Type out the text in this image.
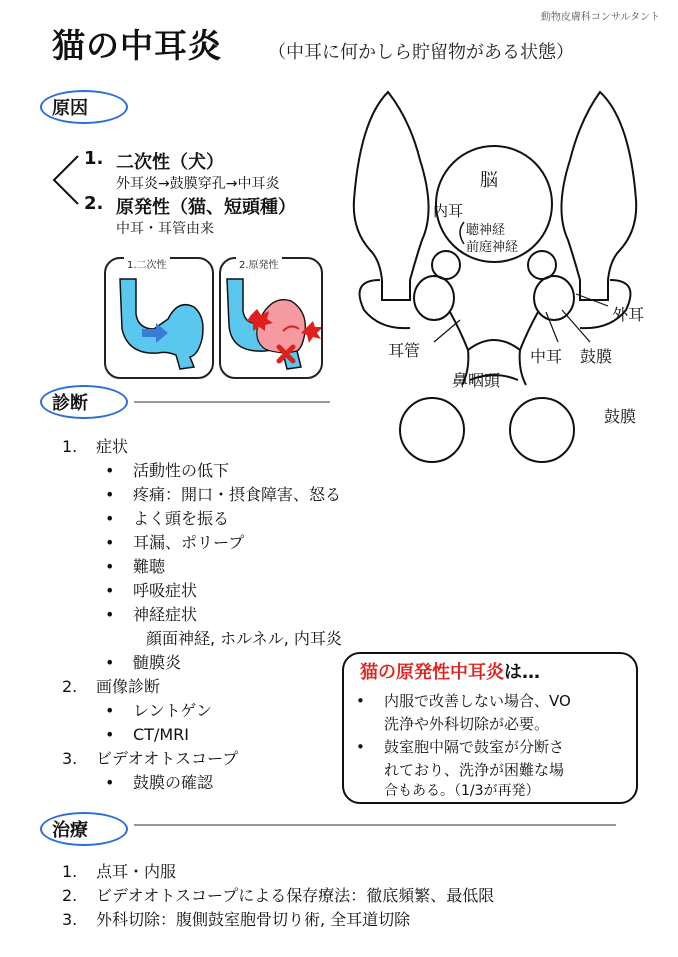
動物皮膚科コンサルタント
猫の中耳炎	（中耳に何かしら貯留物がある状態）
原因
1. 二次性（犬）
外耳炎→鼓膜穿孔→中耳炎
2. 原発性（猫、短頭種）
中耳・耳管由来
1.二次性	2.原発性
脳
内耳
聴神経
前庭神経
外耳
耳管	中耳 鼓膜
鼻咽頭
鼓膜
診断
1. 症状
• 活動性の低下
• 疼痛：開口・摂食障害、怒る
• よく頭を振る
• 耳漏、ポリープ
• 難聴
• 呼吸症状
• 神経症状
顔面神経, ホルネル, 内耳炎
• 髄膜炎
2. 画像診断
• レントゲン
• CT/MRI
3. ビデオオトスコープ
• 鼓膜の確認
猫の原発性中耳炎は…
• 内服で改善しない場合、VO
洗浄や外科切除が必要。
• 鼓室胞中隔で鼓室が分断さ
れており、洗浄が困難な場
合もある。（1/3が再発）
治療
1. 点耳・内服
2. ビデオオトスコープによる保存療法：徹底頻繁、最低限
3. 外科切除：腹側鼓室胞骨切り術, 全耳道切除
